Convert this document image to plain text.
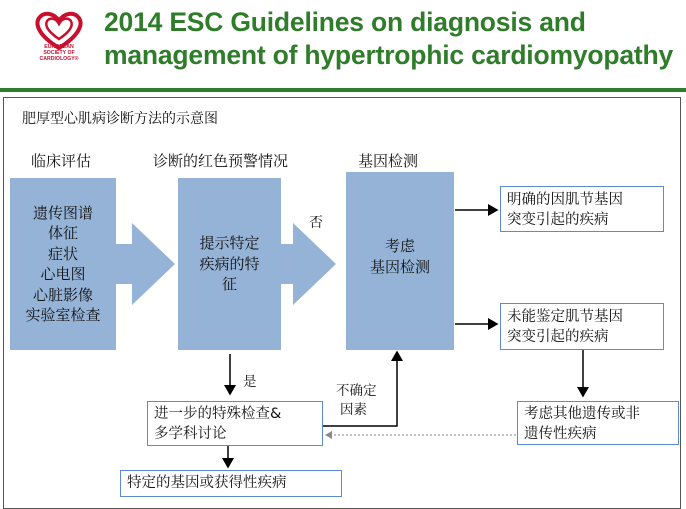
EUROPEAN
SOCIETY OF
CARDIOLOGY®
2014 ESC Guidelines on diagnosis and
management of hypertrophic cardiomyopathy
肥厚型心肌病诊断方法的示意图
临床评估	诊断的红色预警情况	基因检测
遗传图谱
体征
症状
心电图
心脏影像
实验室检查
提示特定
疾病的特
征
考虑
基因检测
否
是
不确定
因素
明确的因肌节基因
突变引起的疾病
未能鉴定肌节基因
突变引起的疾病
考虑其他遗传或非
遗传性疾病
进一步的特殊检查&
多学科讨论
特定的基因或获得性疾病
